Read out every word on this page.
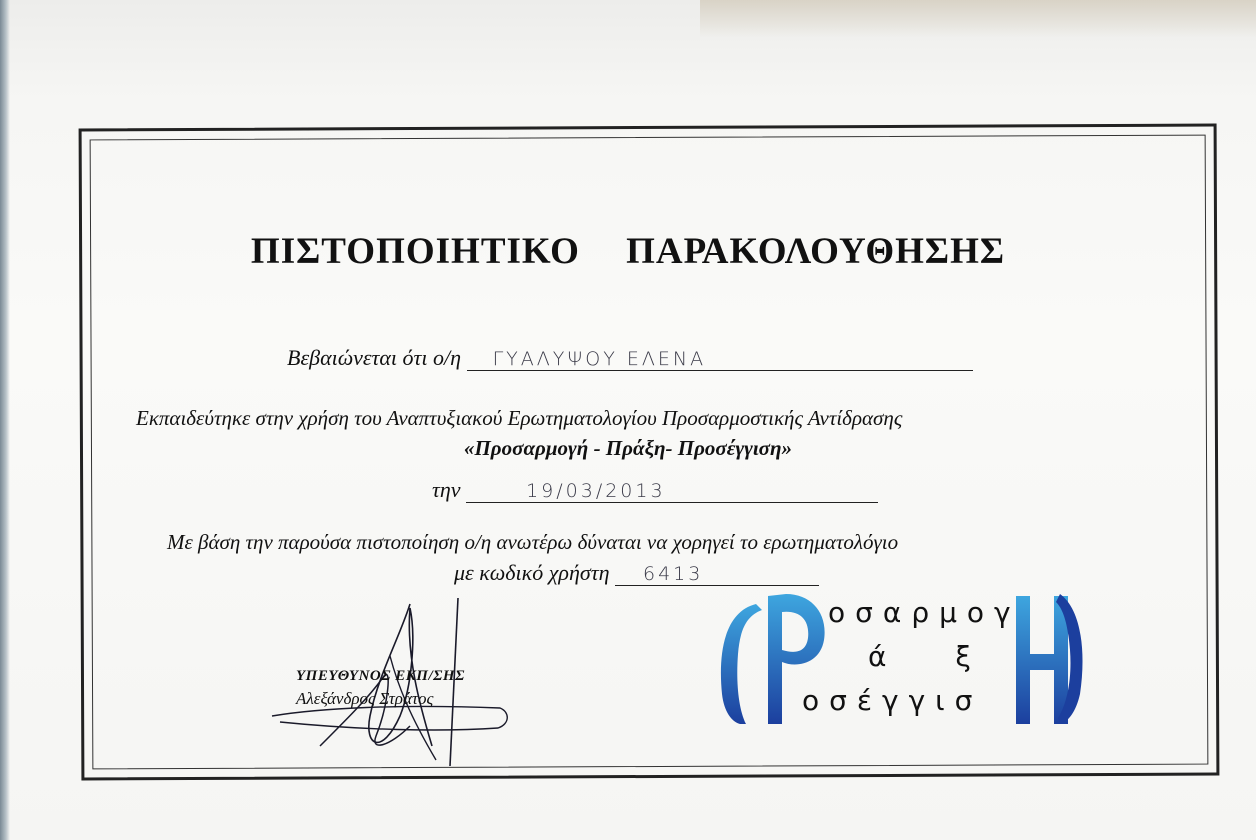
ΠΙΣΤΟΠΟΙΗΤΙΚΟ ΠΑΡΑΚΟΛΟΥΘΗΣΗΣ
Βεβαιώνεται ότι ο/η ΓΥΑΛΥΨΟΥ ΕΛΕΝΑ
Εκπαιδεύτηκε στην χρήση του Αναπτυξιακού Ερωτηματολογίου Προσαρμοστικής Αντίδρασης
«Προσαρμογή - Πράξη- Προσέγγιση»
την	19/03/2013
Με βάση την παρούσα πιστοποίηση ο/η ανωτέρω δύναται να χορηγεί το ερωτηματολόγιο
με κωδικό χρήστη 6413
ΥΠΕΥΘΥΝΟΣ ΕΚΠ/ΣΗΣ
Αλεξάνδρος Στράτος
οσαρμογ
ά ξ
οσέγγισ
